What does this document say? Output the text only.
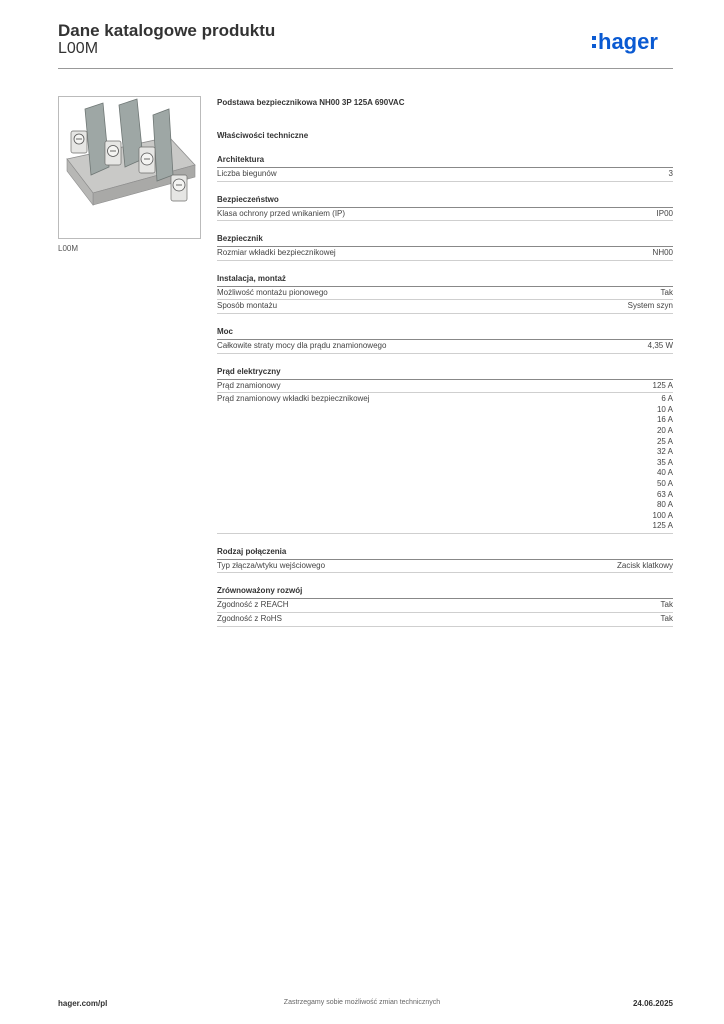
Dane katalogowe produktu
L00M	hager
L00M
Podstawa bezpiecznikowa NH00 3P 125A 690VAC
Właściwości techniczne
Architektura
Liczba biegunów	3
Bezpieczeństwo
Klasa ochrony przed wnikaniem (IP)	IP00
Bezpiecznik
Rozmiar wkładki bezpiecznikowej	NH00
Instalacja, montaż
Możliwość montażu pionowego	Tak
Sposób montażu	System szyn
Moc
Całkowite straty mocy dla prądu znamionowego	4,35 W
Prąd elektryczny
Prąd znamionowy	125 A
Prąd znamionowy wkładki bezpiecznikowej	6 A
10 A
16 A
20 A
25 A
32 A
35 A
40 A
50 A
63 A
80 A
100 A
125 A
Rodzaj połączenia
Typ złącza/wtyku wejściowego	Zacisk klatkowy
Zrównoważony rozwój
Zgodność z REACH	Tak
Zgodność z RoHS	Tak
hager.com/pl	Zastrzegamy sobie możliwość zmian technicznych	24.06.2025
